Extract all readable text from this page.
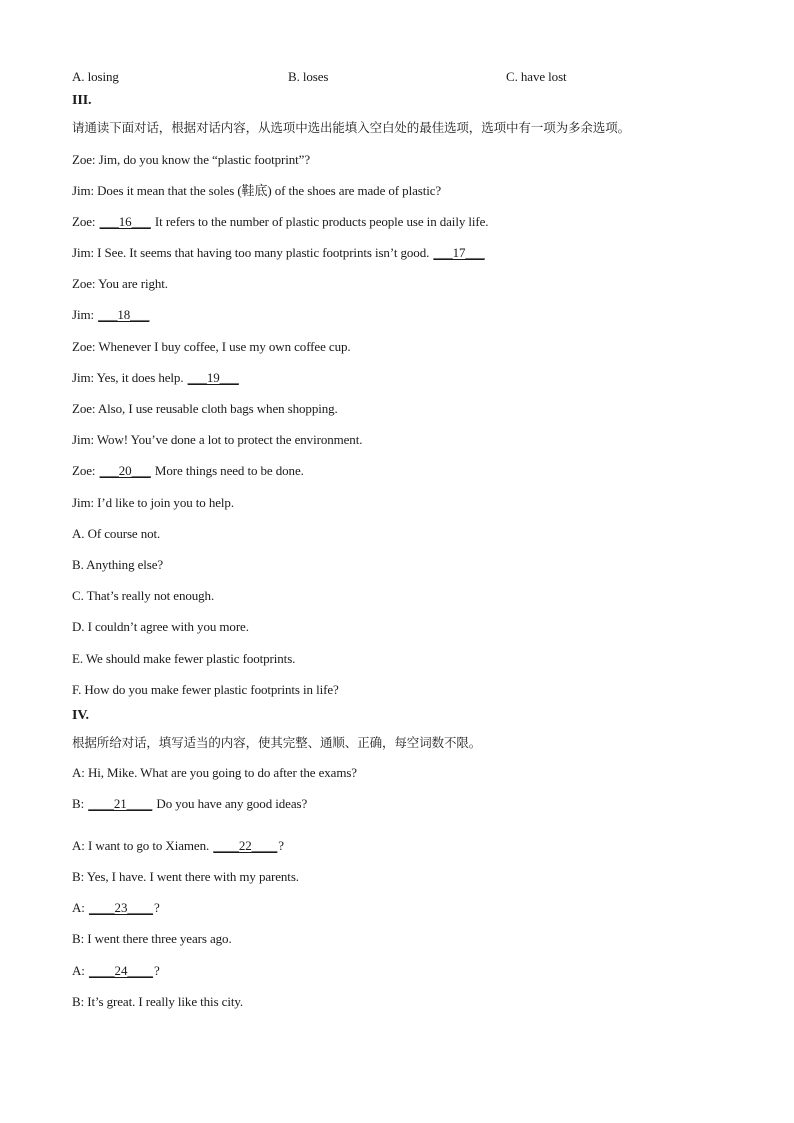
A. losing	B. loses	C. have lost
III.
请通读下面对话，根据对话内容，从选项中选出能填入空白处的最佳选项，选项中有一项为多余选项。
Zoe: Jim, do you know the “plastic footprint”?
Jim: Does it mean that the soles (鞋底) of the shoes are made of plastic?
Zoe: ___16___ It refers to the number of plastic products people use in daily life.
Jim: I See. It seems that having too many plastic footprints isn’t good. ___17___
Zoe: You are right.
Jim: ___18___
Zoe: Whenever I buy coffee, I use my own coffee cup.
Jim: Yes, it does help. ___19___
Zoe: Also, I use reusable cloth bags when shopping.
Jim: Wow! You’ve done a lot to protect the environment.
Zoe: ___20___ More things need to be done.
Jim: I’d like to join you to help.
A. Of course not.
B. Anything else?
C. That’s really not enough.
D. I couldn’t agree with you more.
E. We should make fewer plastic footprints.
F. How do you make fewer plastic footprints in life?
IV.
根据所给对话，填写适当的内容，使其完整、通顺、正确，每空词数不限。
A: Hi, Mike. What are you going to do after the exams?
B: ____21____ Do you have any good ideas?
A: I want to go to Xiamen. ____22____?
B: Yes, I have. I went there with my parents.
A: ____23____?
B: I went there three years ago.
A: ____24____?
B: It’s great. I really like this city.
